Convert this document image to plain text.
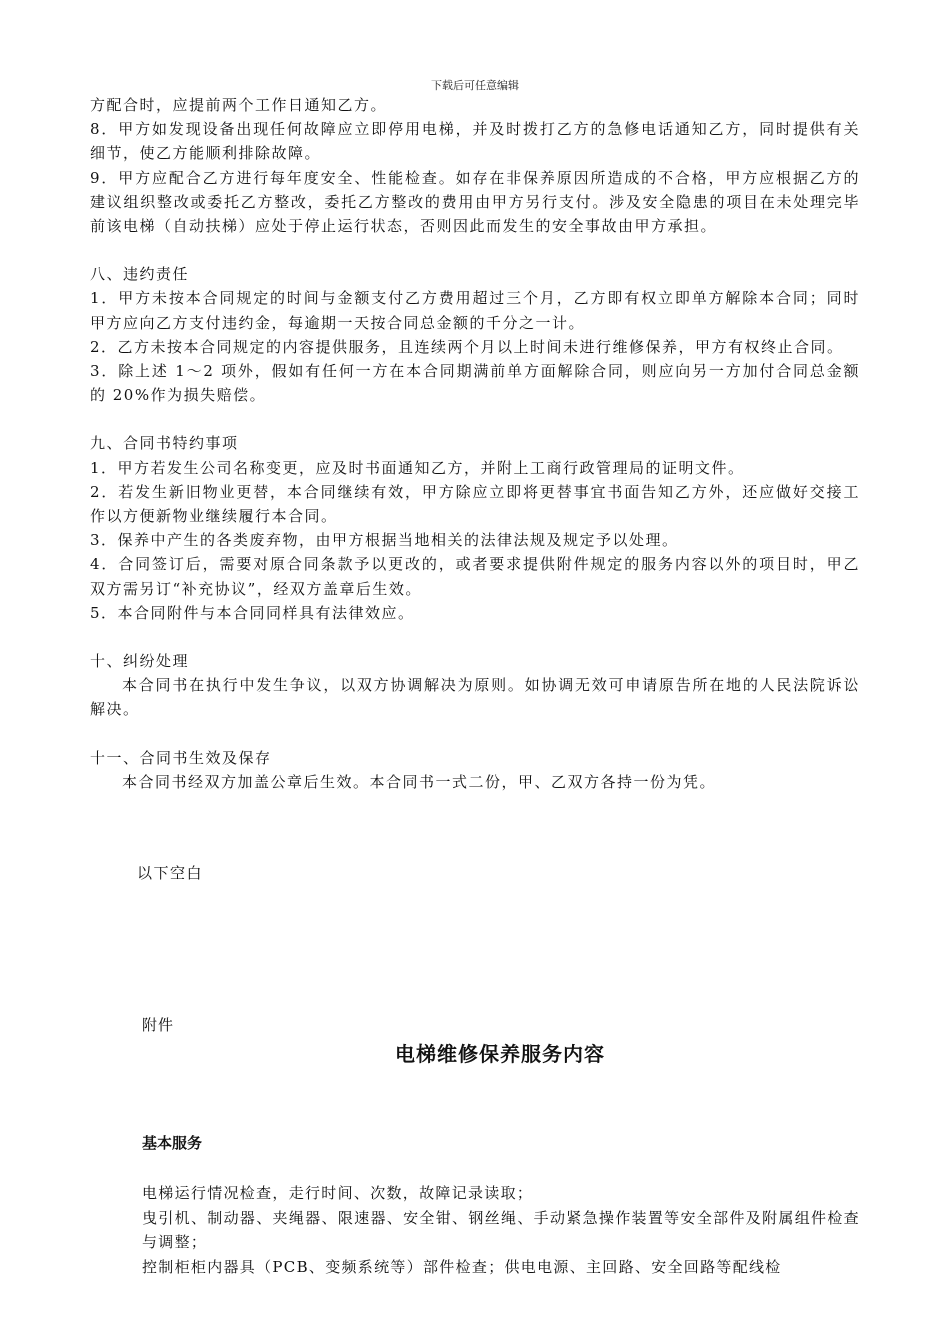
下载后可任意编辑

方配合时，应提前两个工作日通知乙方。

8．甲方如发现设备出现任何故障应立即停用电梯，并及时拨打乙方的急修电话通知乙方，同时提供有关细节，使乙方能顺利排除故障。

9．甲方应配合乙方进行每年度安全、性能检查。如存在非保养原因所造成的不合格，甲方应根据乙方的建议组织整改或委托乙方整改，委托乙方整改的费用由甲方另行支付。涉及安全隐患的项目在未处理完毕前该电梯（自动扶梯）应处于停止运行状态，否则因此而发生的安全事故由甲方承担。

八、违约责任

1．甲方未按本合同规定的时间与金额支付乙方费用超过三个月，乙方即有权立即单方解除本合同；同时甲方应向乙方支付违约金，每逾期一天按合同总金额的千分之一计。

2．乙方未按本合同规定的内容提供服务，且连续两个月以上时间未进行维修保养，甲方有权终止合同。

3．除上述 1～2 项外，假如有任何一方在本合同期满前单方面解除合同，则应向另一方加付合同总金额的 20%作为损失赔偿。

九、合同书特约事项

1．甲方若发生公司名称变更，应及时书面通知乙方，并附上工商行政管理局的证明文件。

2．若发生新旧物业更替，本合同继续有效，甲方除应立即将更替事宜书面告知乙方外，还应做好交接工作以方便新物业继续履行本合同。

3．保养中产生的各类废弃物，由甲方根据当地相关的法律法规及规定予以处理。

4．合同签订后，需要对原合同条款予以更改的，或者要求提供附件规定的服务内容以外的项目时，甲乙双方需另订“补充协议”，经双方盖章后生效。

5．本合同附件与本合同同样具有法律效应。

十、纠纷处理

本合同书在执行中发生争议，以双方协调解决为原则。如协调无效可申请原告所在地的人民法院诉讼解决。

十一、合同书生效及保存

本合同书经双方加盖公章后生效。本合同书一式二份，甲、乙双方各持一份为凭。

以下空白
附件
电梯维修保养服务内容
基本服务

电梯运行情况检查，走行时间、次数，故障记录读取；

曳引机、制动器、夹绳器、限速器、安全钳、钢丝绳、手动紧急操作装置等安全部件及附属组件检查与调整；

控制柜柜内器具（PCB、变频系统等）部件检查；供电电源、主回路、安全回路等配线检
